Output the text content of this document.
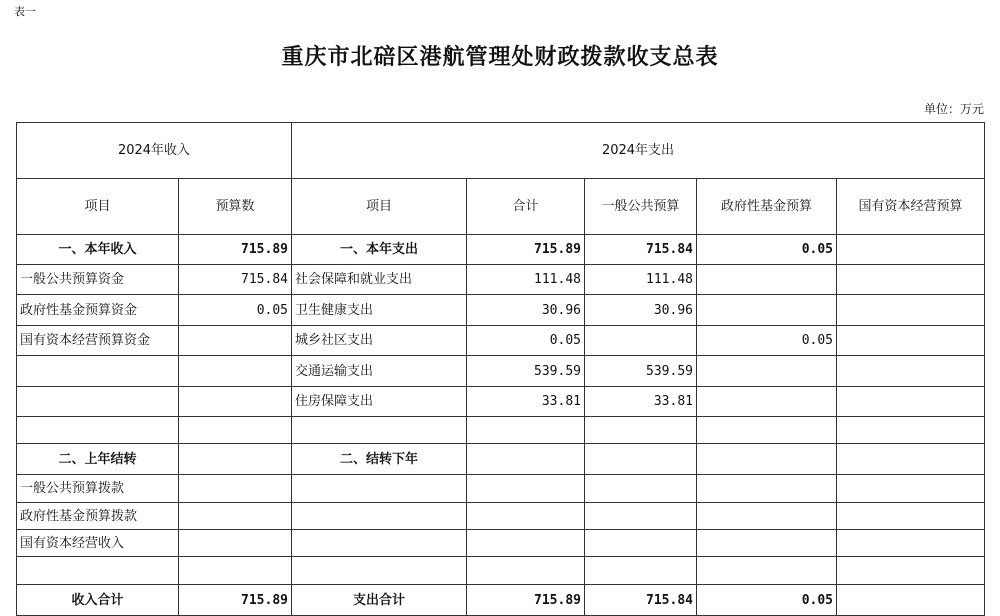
表一
重庆市北碚区港航管理处财政拨款收支总表
单位：万元
2024年收入		2024年支出				
项目	预算数	项目	合计	一般公共预算	政府性基金预算	国有资本经营预算
一、本年收入	715.89	一、本年支出	715.89	715.84	0.05	
一般公共预算资金	715.84	社会保障和就业支出	111.48	111.48		
政府性基金预算资金	0.05	卫生健康支出	30.96	30.96		
国有资本经营预算资金		城乡社区支出	0.05		0.05	
		交通运输支出	539.59	539.59		
		住房保障支出	33.81	33.81		

二、上年结转		二、结转下年				
一般公共预算拨款						
政府性基金预算拨款						
国有资本经营收入						

收入合计	715.89	支出合计	715.89	715.84	0.05	
